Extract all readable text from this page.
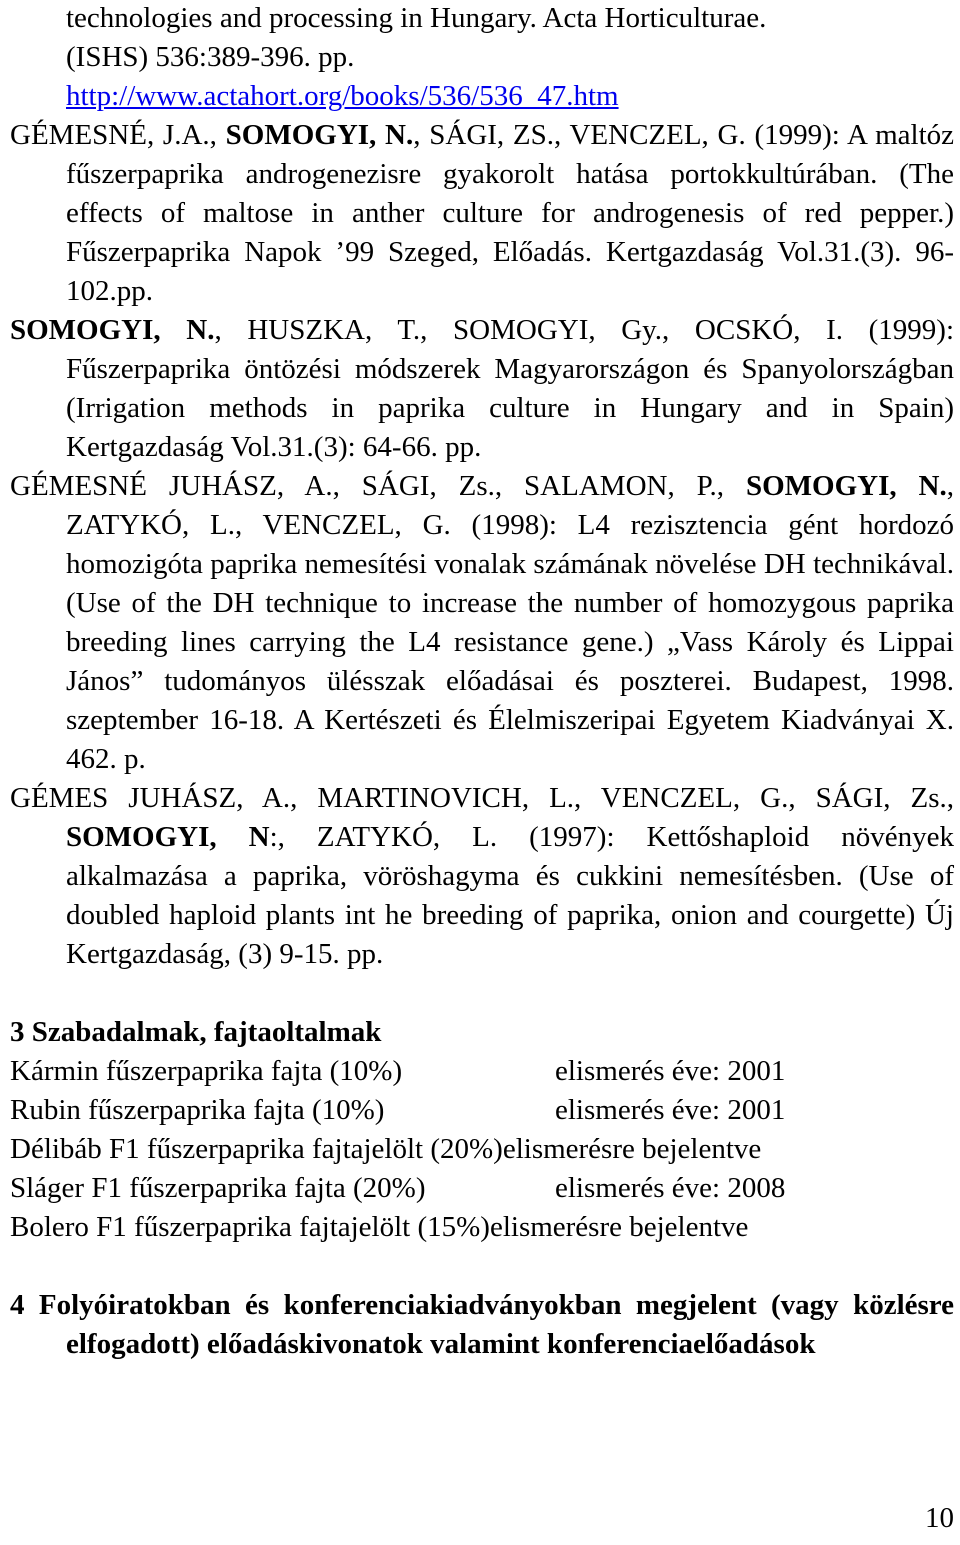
technologies and processing in Hungary. Acta Horticulturae.
(ISHS) 536:389-396. pp.
http://www.actahort.org/books/536/536_47.htm

GÉMESNÉ, J.A., SOMOGYI, N., SÁGI, ZS., VENCZEL, G. (1999): A maltóz fűszerpaprika androgenezisre gyakorolt hatása portokkultúrában. (The effects of maltose in anther culture for androgenesis of red pepper.) Fűszerpaprika Napok ’99 Szeged, Előadás. Kertgazdaság Vol.31.(3). 96-102.pp.

SOMOGYI, N., HUSZKA, T., SOMOGYI, Gy., OCSKÓ, I. (1999): Fűszerpaprika öntözési módszerek Magyarországon és Spanyolországban (Irrigation methods in paprika culture in Hungary and in Spain) Kertgazdaság Vol.31.(3): 64-66. pp.

GÉMESNÉ JUHÁSZ, A., SÁGI, Zs., SALAMON, P., SOMOGYI, N., ZATYKÓ, L., VENCZEL, G. (1998): L4 rezisztencia gént hordozó homozigóta paprika nemesítési vonalak számának növelése DH technikával. (Use of the DH technique to increase the number of homozygous paprika breeding lines carrying the L4 resistance gene.) „Vass Károly és Lippai János” tudományos ülésszak előadásai és poszterei. Budapest, 1998. szeptember 16-18. A Kertészeti és Élelmiszeripai Egyetem Kiadványai X. 462. p.

GÉMES JUHÁSZ, A., MARTINOVICH, L., VENCZEL, G., SÁGI, Zs., SOMOGYI, N:, ZATYKÓ, L. (1997): Kettőshaploid növények alkalmazása a paprika, vöröshagyma és cukkini nemesítésben. (Use of doubled haploid plants int he breeding of paprika, onion and courgette) Új Kertgazdaság, (3) 9-15. pp.

3 Szabadalmak, fajtaoltalmak

Kármin fűszerpaprika fajta (10%)	elismerés éve: 2001
Rubin fűszerpaprika fajta (10%)	elismerés éve: 2001
Délibáb F1 fűszerpaprika fajtajelölt (20%) elismerésre bejelentve
Sláger F1 fűszerpaprika fajta (20%)	elismerés éve: 2008
Bolero F1 fűszerpaprika fajtajelölt (15%) elismerésre bejelentve

4 Folyóiratokban és konferenciakiadványokban megjelent (vagy közlésre elfogadott) előadáskivonatok valamint konferenciaelőadások

10
